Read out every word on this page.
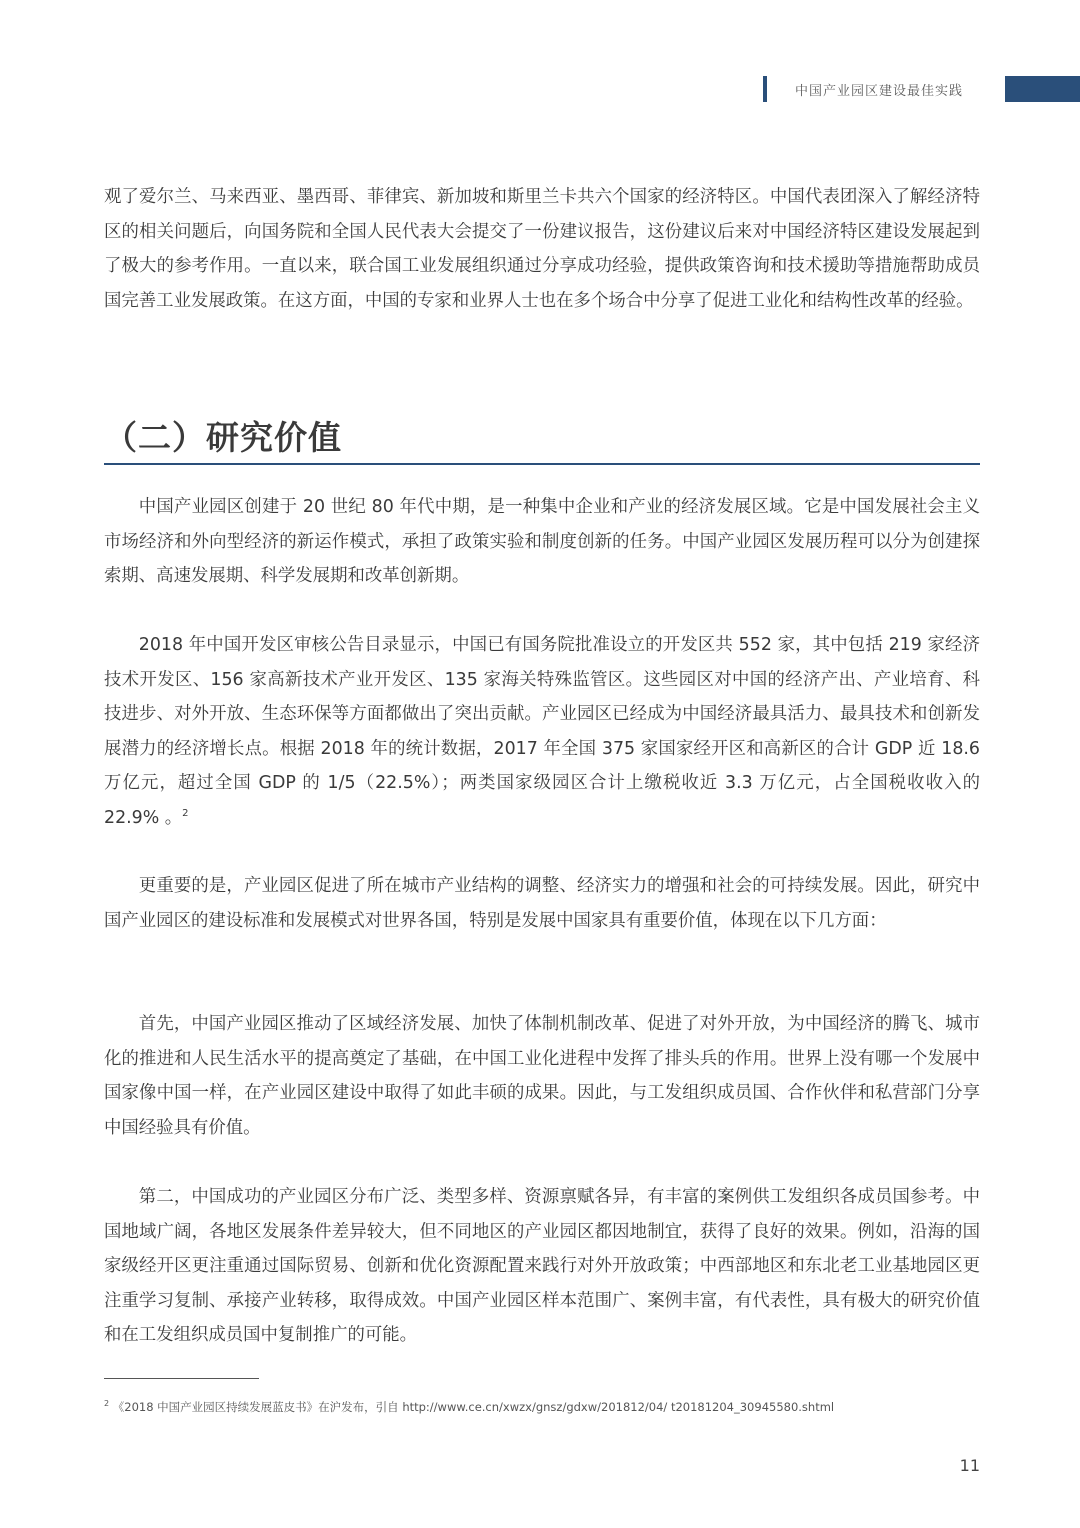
中国产业园区建设最佳实践

观了爱尔兰、马来西亚、墨西哥、菲律宾、新加坡和斯里兰卡共六个国家的经济特区。中国代表团深入了解经济特区的相关问题后，向国务院和全国人民代表大会提交了一份建议报告，这份建议后来对中国经济特区建设发展起到了极大的参考作用。一直以来，联合国工业发展组织通过分享成功经验，提供政策咨询和技术援助等措施帮助成员国完善工业发展政策。在这方面，中国的专家和业界人士也在多个场合中分享了促进工业化和结构性改革的经验。

（二）研究价值

中国产业园区创建于 20 世纪 80 年代中期，是一种集中企业和产业的经济发展区域。它是中国发展社会主义市场经济和外向型经济的新运作模式，承担了政策实验和制度创新的任务。中国产业园区发展历程可以分为创建探索期、高速发展期、科学发展期和改革创新期。

2018 年中国开发区审核公告目录显示，中国已有国务院批准设立的开发区共 552 家，其中包括 219 家经济技术开发区、156 家高新技术产业开发区、135 家海关特殊监管区。这些园区对中国的经济产出、产业培育、科技进步、对外开放、生态环保等方面都做出了突出贡献。产业园区已经成为中国经济最具活力、最具技术和创新发展潜力的经济增长点。根据 2018 年的统计数据，2017 年全国 375 家国家经开区和高新区的合计 GDP 近 18.6 万亿元，超过全国 GDP 的 1/5（22.5%）；两类国家级园区合计上缴税收近 3.3 万亿元，占全国税收收入的 22.9% 。$^2$

更重要的是，产业园区促进了所在城市产业结构的调整、经济实力的增强和社会的可持续发展。因此，研究中国产业园区的建设标准和发展模式对世界各国，特别是发展中国家具有重要价值，体现在以下几方面：

首先，中国产业园区推动了区域经济发展、加快了体制机制改革、促进了对外开放，为中国经济的腾飞、城市化的推进和人民生活水平的提高奠定了基础，在中国工业化进程中发挥了排头兵的作用。世界上没有哪一个发展中国家像中国一样，在产业园区建设中取得了如此丰硕的成果。因此，与工发组织成员国、合作伙伴和私营部门分享中国经验具有价值。

第二，中国成功的产业园区分布广泛、类型多样、资源禀赋各异，有丰富的案例供工发组织各成员国参考。中国地域广阔，各地区发展条件差异较大，但不同地区的产业园区都因地制宜，获得了良好的效果。例如，沿海的国家级经开区更注重通过国际贸易、创新和优化资源配置来践行对外开放政策；中西部地区和东北老工业基地园区更注重学习复制、承接产业转移，取得成效。中国产业园区样本范围广、案例丰富，有代表性，具有极大的研究价值和在工发组织成员国中复制推广的可能。

$^2$ 《2018 中国产业园区持续发展蓝皮书》在沪发布，引自 http://www.ce.cn/xwzx/gnsz/gdxw/201812/04/ t20181204_30945580.shtml
11
